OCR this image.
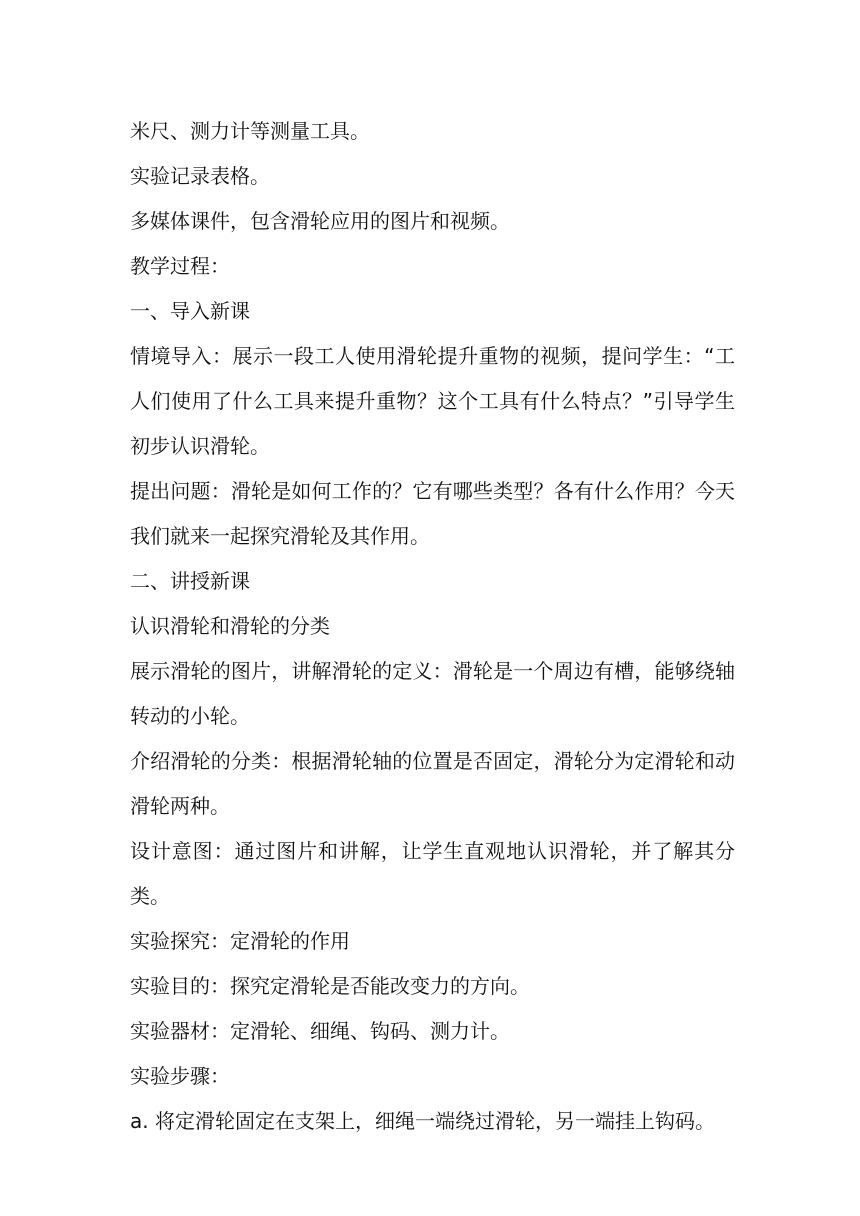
米尺、测力计等测量工具。

实验记录表格。

多媒体课件，包含滑轮应用的图片和视频。

教学过程：

一、导入新课

情境导入：展示一段工人使用滑轮提升重物的视频，提问学生：“工人们使用了什么工具来提升重物？这个工具有什么特点？”引导学生初步认识滑轮。

提出问题：滑轮是如何工作的？它有哪些类型？各有什么作用？今天我们就来一起探究滑轮及其作用。

二、讲授新课

认识滑轮和滑轮的分类

展示滑轮的图片，讲解滑轮的定义：滑轮是一个周边有槽，能够绕轴转动的小轮。

介绍滑轮的分类：根据滑轮轴的位置是否固定，滑轮分为定滑轮和动滑轮两种。

设计意图：通过图片和讲解，让学生直观地认识滑轮，并了解其分类。

实验探究：定滑轮的作用

实验目的：探究定滑轮是否能改变力的方向。

实验器材：定滑轮、细绳、钩码、测力计。

实验步骤：

a. 将定滑轮固定在支架上，细绳一端绕过滑轮，另一端挂上钩码。
